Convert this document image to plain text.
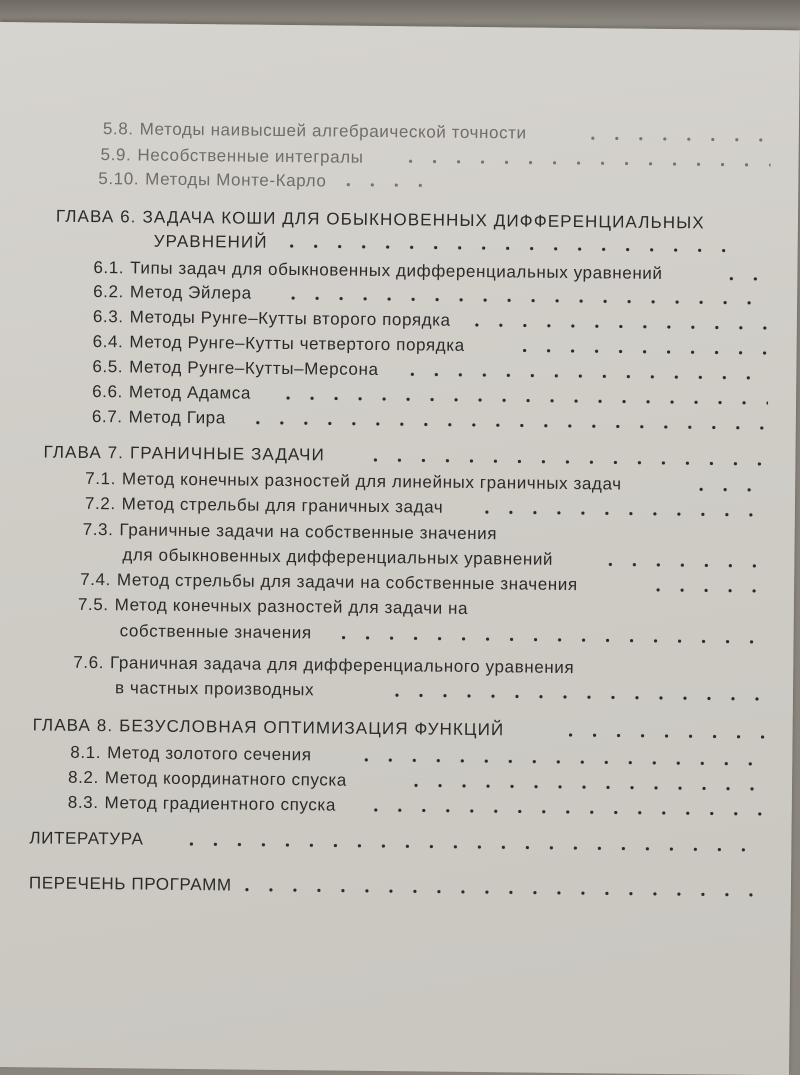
5.8. Методы наивысшей алгебраической точности
5.9. Несобственные интегралы
5.10. Методы Монте-Карло
ГЛАВА 6. ЗАДАЧА КОШИ ДЛЯ ОБЫКНОВЕННЫХ ДИФФЕРЕНЦИАЛЬНЫХ
УРАВНЕНИЙ
6.1. Типы задач для обыкновенных дифференциальных уравнений
6.2. Метод Эйлера
6.3. Методы Рунге–Кутты второго порядка
6.4. Метод Рунге–Кутты четвертого порядка
6.5. Метод Рунге–Кутты–Мерсона
6.6. Метод Адамса
6.7. Метод Гира
ГЛАВА 7. ГРАНИЧНЫЕ ЗАДАЧИ
7.1. Метод конечных разностей для линейных граничных задач
7.2. Метод стрельбы для граничных задач
7.3. Граничные задачи на собственные значения
для обыкновенных дифференциальных уравнений
7.4. Метод стрельбы для задачи на собственные значения
7.5. Метод конечных разностей для задачи на
собственные значения
7.6. Граничная задача для дифференциального уравнения
в частных производных
ГЛАВА 8. БЕЗУСЛОВНАЯ ОПТИМИЗАЦИЯ ФУНКЦИЙ
8.1. Метод золотого сечения
8.2. Метод координатного спуска
8.3. Метод градиентного спуска
ЛИТЕРАТУРА
ПЕРЕЧЕНЬ ПРОГРАММ
